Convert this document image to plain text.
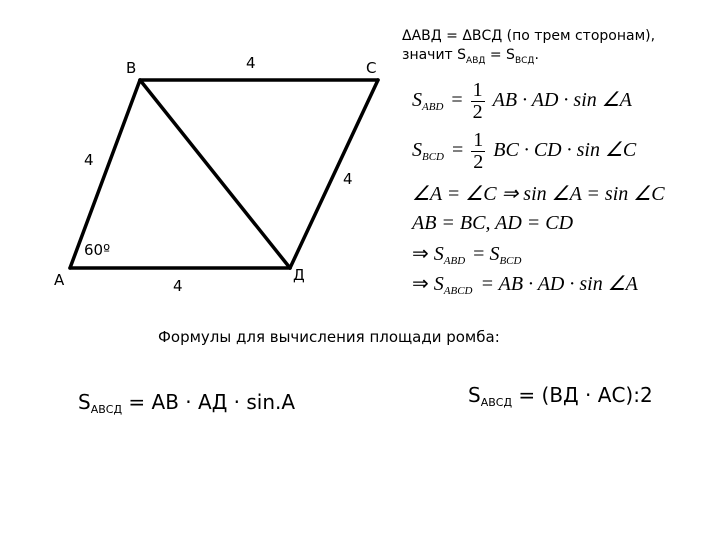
В	С
А	Д
4
4
4
4
60º
ΔАВД = ΔВСД (по трем сторонам),
значит $S_{АВД} = S_{ВСД}$.
$S_{ABD} = \frac{1}{2}$ AB · AD · sin ∠A
$S_{BCD} = \frac{1}{2}$ BC · CD · sin ∠C
∠A = ∠C ⇒ sin ∠A = sin ∠C
AB = BC, AD = CD
⇒ $S_{ABD} = S_{BCD}$
⇒ $S_{ABCD}$ = AB · AD · sin ∠A
Формулы для вычисления площади ромба:
$S_{АВСД}$ = АВ · АД · sin.А	$S_{АВСД} = (ВД$ · АС):2
